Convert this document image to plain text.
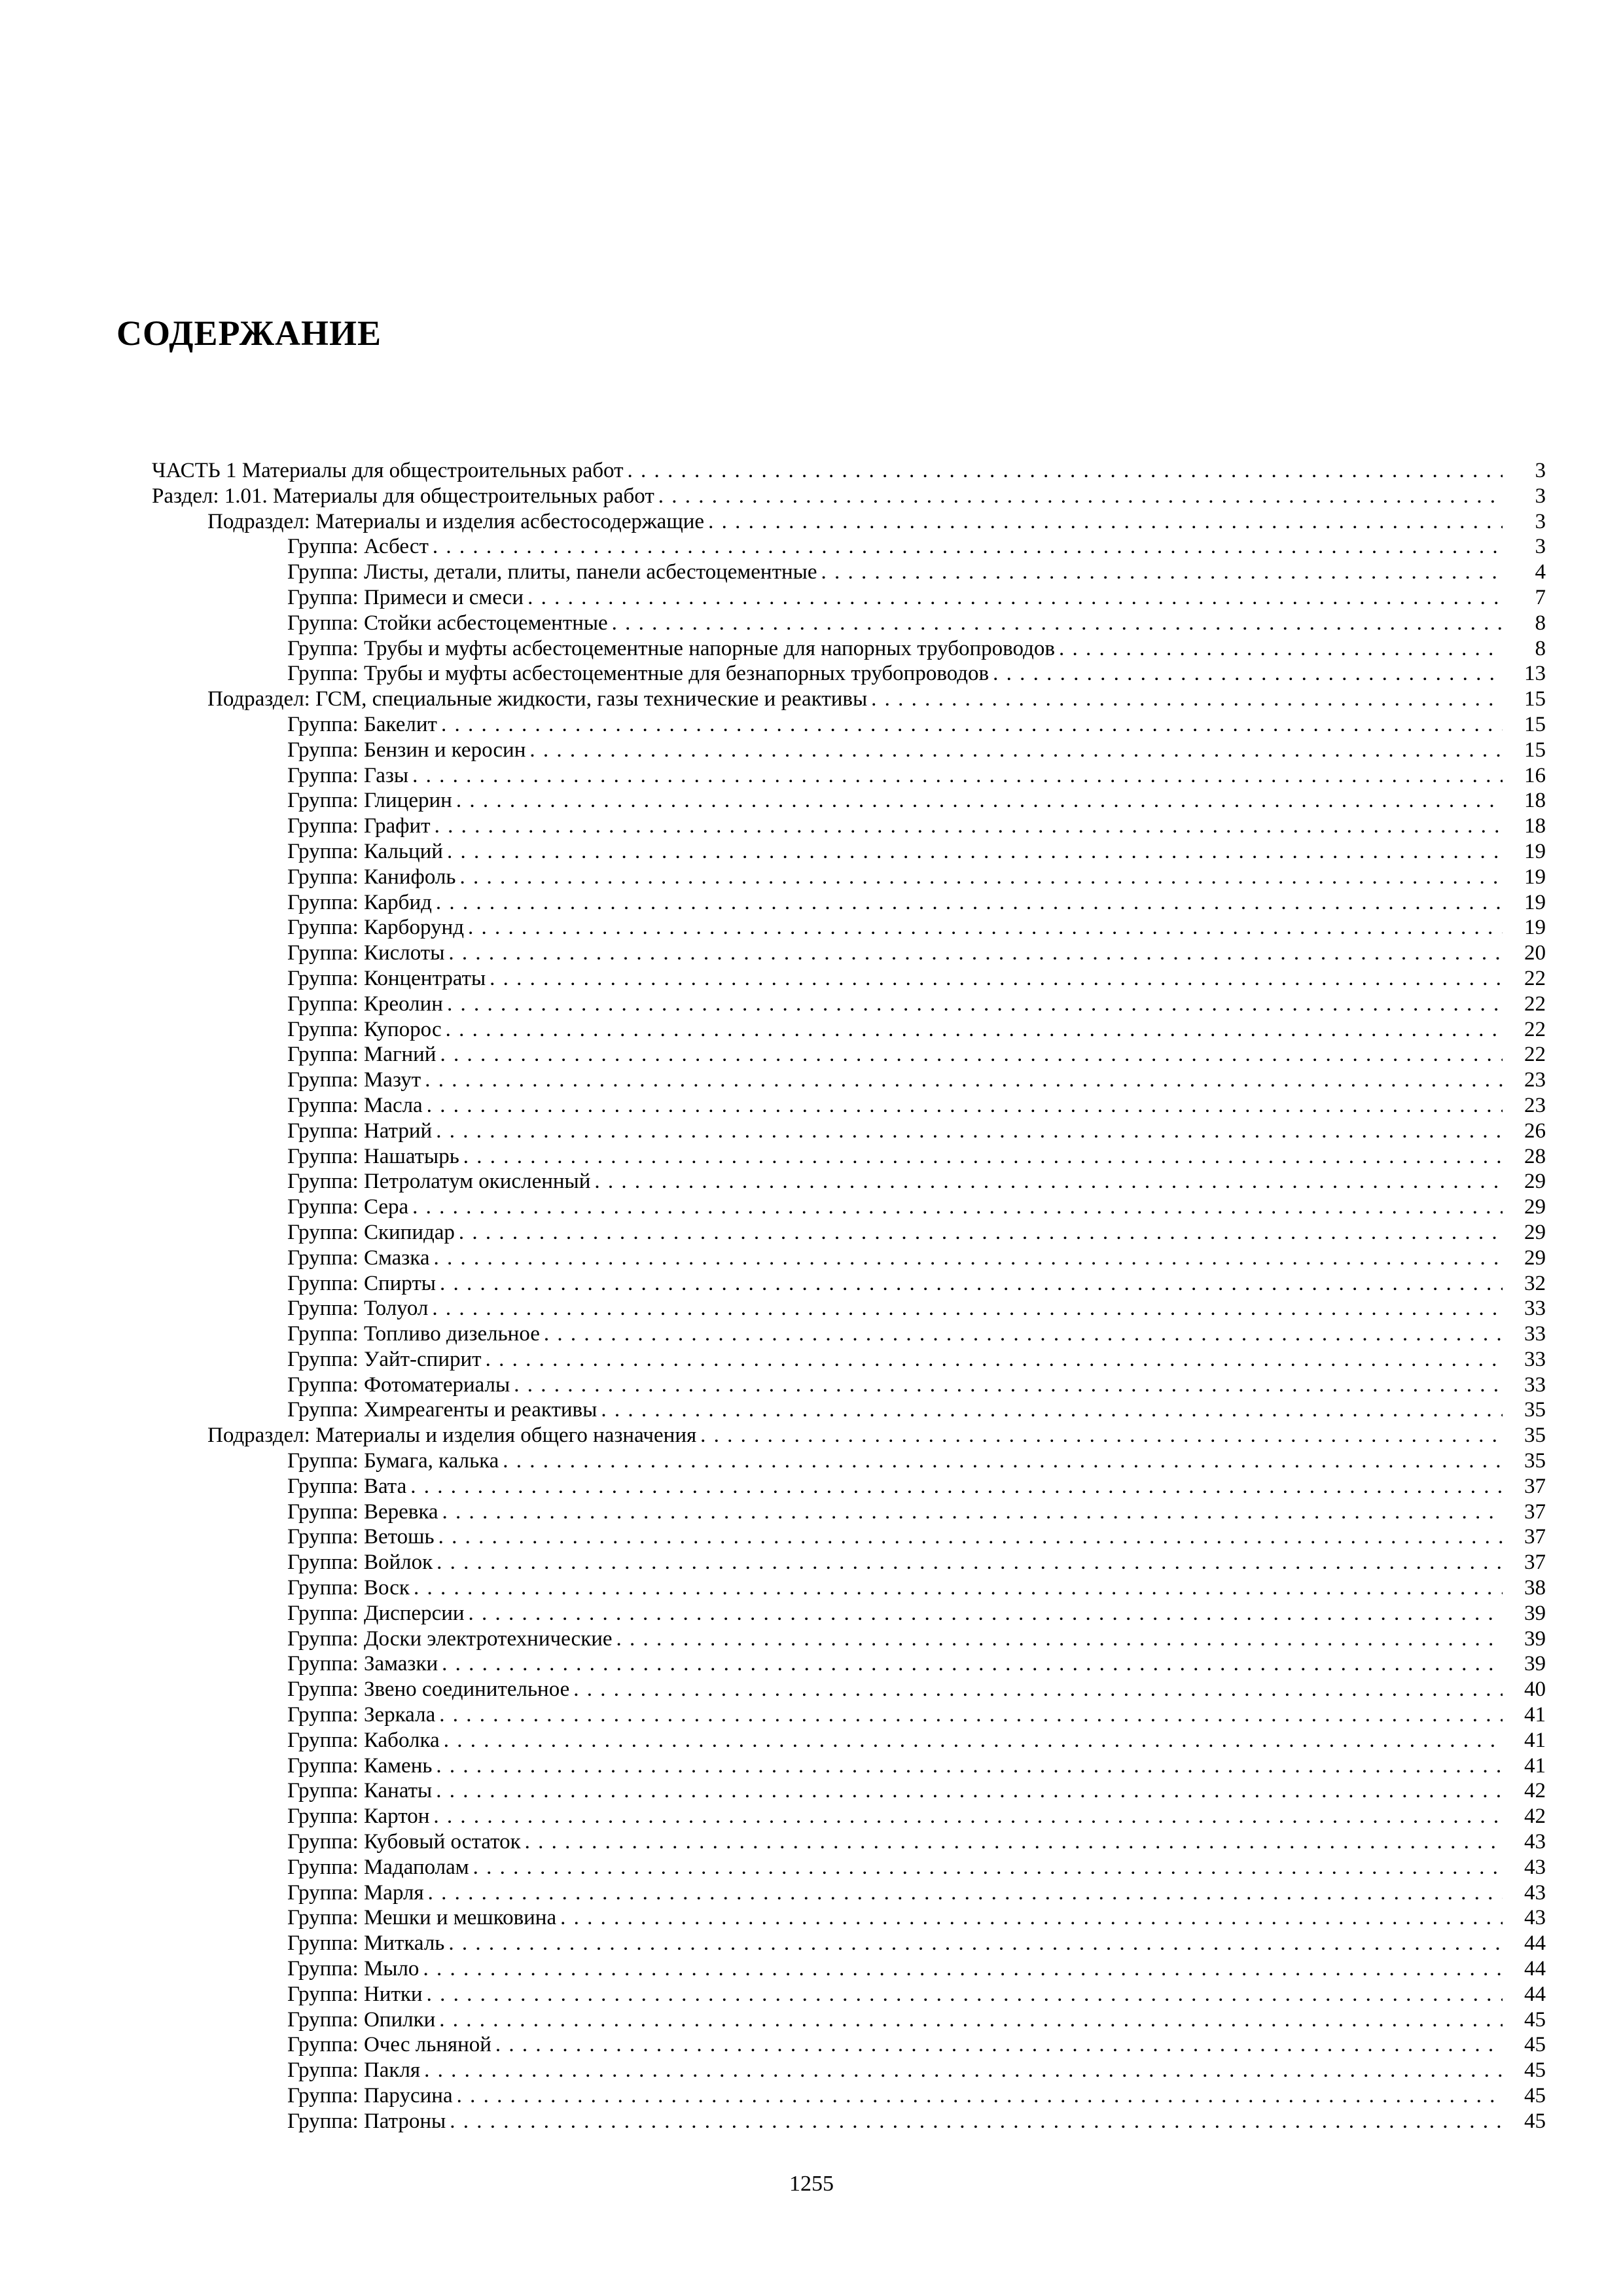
СОДЕРЖАНИЕ
ЧАСТЬ 1 Материалы для общестроительных работ . . .	3
Раздел: 1.01. Материалы для общестроительных работ . . .	3
Подраздел: Материалы и изделия асбестосодержащие . . .	3
Группа: Асбест . . .	3
Группа: Листы, детали, плиты, панели асбестоцементные . . .	4
Группа: Примеси и смеси . . .	7
Группа: Стойки асбестоцементные . . .	8
Группа: Трубы и муфты асбестоцементные напорные для напорных трубопроводов . . .	8
Группа: Трубы и муфты асбестоцементные для безнапорных трубопроводов . . .	13
Подраздел: ГСМ, специальные жидкости, газы технические и реактивы . . .	15
Группа: Бакелит . . .	15
Группа: Бензин и керосин . . .	15
Группа: Газы . . .	16
Группа: Глицерин . . .	18
Группа: Графит . . .	18
Группа: Кальций . . .	19
Группа: Канифоль . . .	19
Группа: Карбид . . .	19
Группа: Карборунд . . .	19
Группа: Кислоты . . .	20
Группа: Концентраты . . .	22
Группа: Креолин . . .	22
Группа: Купорос . . .	22
Группа: Магний . . .	22
Группа: Мазут . . .	23
Группа: Масла . . .	23
Группа: Натрий . . .	26
Группа: Нашатырь . . .	28
Группа: Петролатум окисленный . . .	29
Группа: Сера . . .	29
Группа: Скипидар . . .	29
Группа: Смазка . . .	29
Группа: Спирты . . .	32
Группа: Толуол . . .	33
Группа: Топливо дизельное . . .	33
Группа: Уайт-спирит . . .	33
Группа: Фотоматериалы . . .	33
Группа: Химреагенты и реактивы . . .	35
Подраздел: Материалы и изделия общего назначения . . .	35
Группа: Бумага, калька . . .	35
Группа: Вата . . .	37
Группа: Веревка . . .	37
Группа: Ветошь . . .	37
Группа: Войлок . . .	37
Группа: Воск . . .	38
Группа: Дисперсии . . .	39
Группа: Доски электротехнические . . .	39
Группа: Замазки . . .	39
Группа: Звено соединительное . . .	40
Группа: Зеркала . . .	41
Группа: Каболка . . .	41
Группа: Камень . . .	41
Группа: Канаты . . .	42
Группа: Картон . . .	42
Группа: Кубовый остаток . . .	43
Группа: Мадаполам . . .	43
Группа: Марля . . .	43
Группа: Мешки и мешковина . . .	43
Группа: Миткаль . . .	44
Группа: Мыло . . .	44
Группа: Нитки . . .	44
Группа: Опилки . . .	45
Группа: Очес льняной . . .	45
Группа: Пакля . . .	45
Группа: Парусина . . .	45
Группа: Патроны . . .	45
1255
